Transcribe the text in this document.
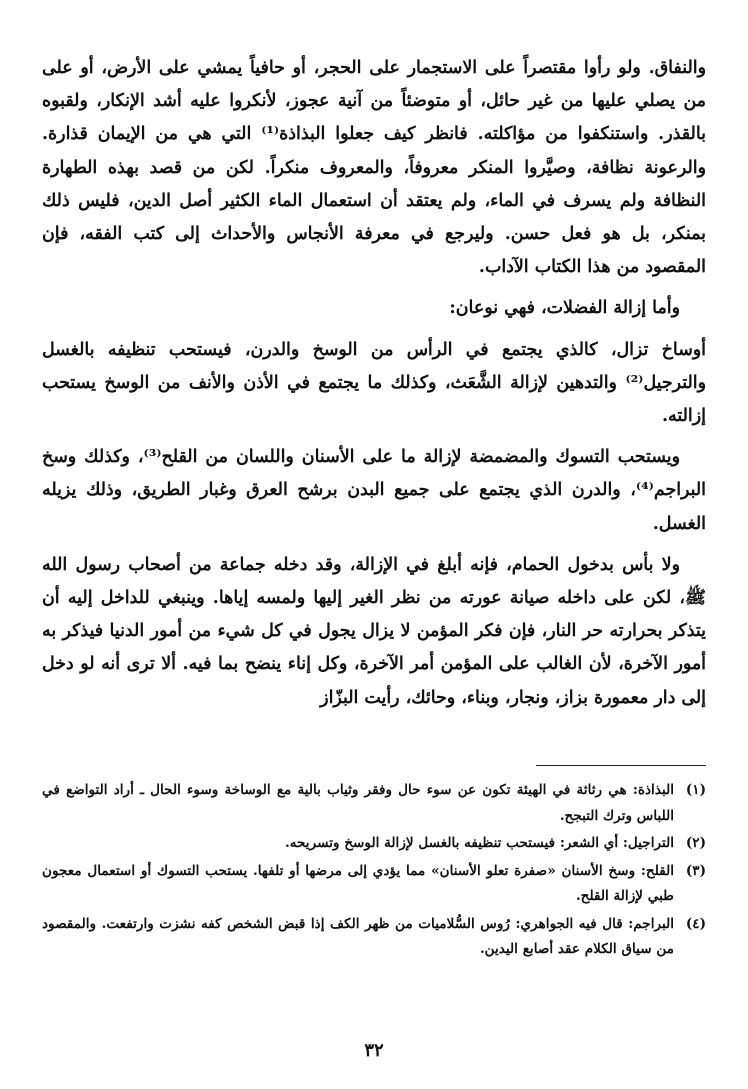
والنفاق. ولو رأوا مقتصراً على الاستجمار على الحجر، أو حافياً يمشي على الأرض، أو على من يصلي عليها من غير حائل، أو متوضئاً من آنية عجوز، لأنكروا عليه أشد الإنكار، ولقبوه بالقذر. واستنكفوا من مؤاكلته. فانظر كيف جعلوا البذاذة⁽¹⁾ التي هي من الإيمان قذارة. والرعونة نظافة، وصيَّروا المنكر معروفاً، والمعروف منكراً. لكن من قصد بهذه الطهارة النظافة ولم يسرف في الماء، ولم يعتقد أن استعمال الماء الكثير أصل الدين، فليس ذلك بمنكر، بل هو فعل حسن. وليرجع في معرفة الأنجاس والأحداث إلى كتب الفقه، فإن المقصود من هذا الكتاب الآداب.

وأما إزالة الفضلات، فهي نوعان:

أوساخ تزال، كالذي يجتمع في الرأس من الوسخ والدرن، فيستحب تنظيفه بالغسل والترجيل⁽²⁾ والتدهين لإزالة الشَّعَث، وكذلك ما يجتمع في الأذن والأنف من الوسخ يستحب إزالته.

ويستحب التسوك والمضمضة لإزالة ما على الأسنان واللسان من القلح⁽³⁾، وكذلك وسخ البراجم⁽⁴⁾، والدرن الذي يجتمع على جميع البدن برشح العرق وغبار الطريق، وذلك يزيله الغسل.

ولا بأس بدخول الحمام، فإنه أبلغ في الإزالة، وقد دخله جماعة من أصحاب رسول الله ﷺ، لكن على داخله صيانة عورته من نظر الغير إليها ولمسه إياها. وينبغي للداخل إليه أن يتذكر بحرارته حر النار، فإن فكر المؤمن لا يزال يجول في كل شيء من أمور الدنيا فيذكر به أمور الآخرة، لأن الغالب على المؤمن أمر الآخرة، وكل إناء ينضح بما فيه. ألا ترى أنه لو دخل إلى دار معمورة بزاز، ونجار، وبناء، وحائك، رأيت البزّاز

(١)
البذاذة: هي رثاثة في الهيئة تكون عن سوء حال وفقر وثياب بالية مع الوساخة وسوء الحال ـ أراد التواضع في اللباس وترك التبجح.
(٢)
التراجيل: أي الشعر: فيستحب تنظيفه بالغسل لإزالة الوسخ وتسريحه.
(٣)
القلح: وسخ الأسنان «صفرة تعلو الأسنان» مما يؤدي إلى مرضها أو تلفها. يستحب التسوك أو استعمال معجون طبي لإزالة القلح.
(٤)
البراجم: قال فيه الجواهري: رُوس السُّلاميات من ظهر الكف إذا قبض الشخص كفه نشزت وارتفعت. والمقصود من سياق الكلام عقد أصابع اليدين.
٣٢
